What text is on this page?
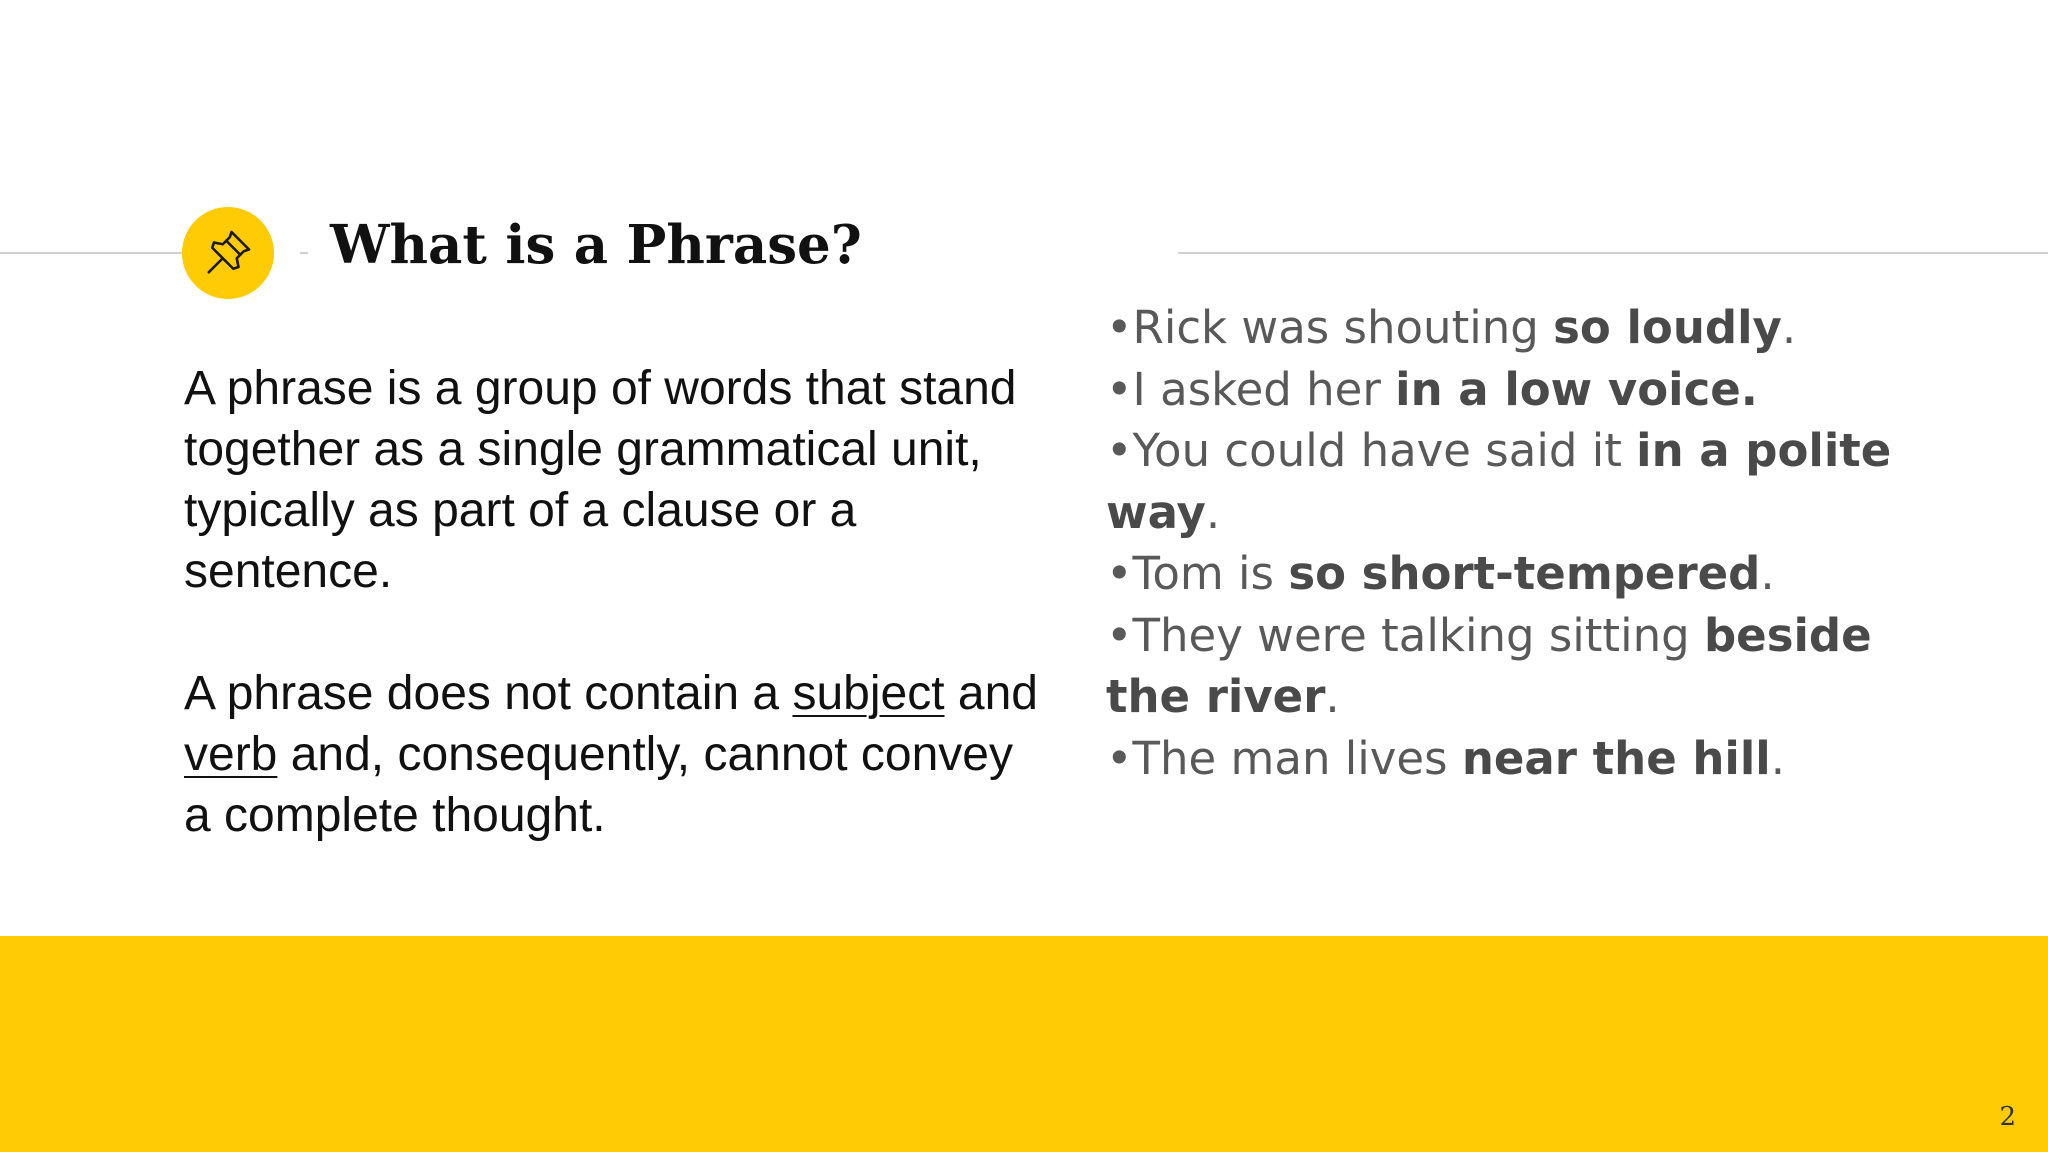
What is a Phrase?

A phrase is a group of words that stand together as a single grammatical unit, typically as part of a clause or a sentence.

A phrase does not contain a subject and verb and, consequently, cannot convey a complete thought.

•Rick was shouting so loudly.

•I asked her in a low voice.

•You could have said it in a polite way.

•Tom is so short-tempered.

•They were talking sitting beside the river.

•The man lives near the hill.

2
